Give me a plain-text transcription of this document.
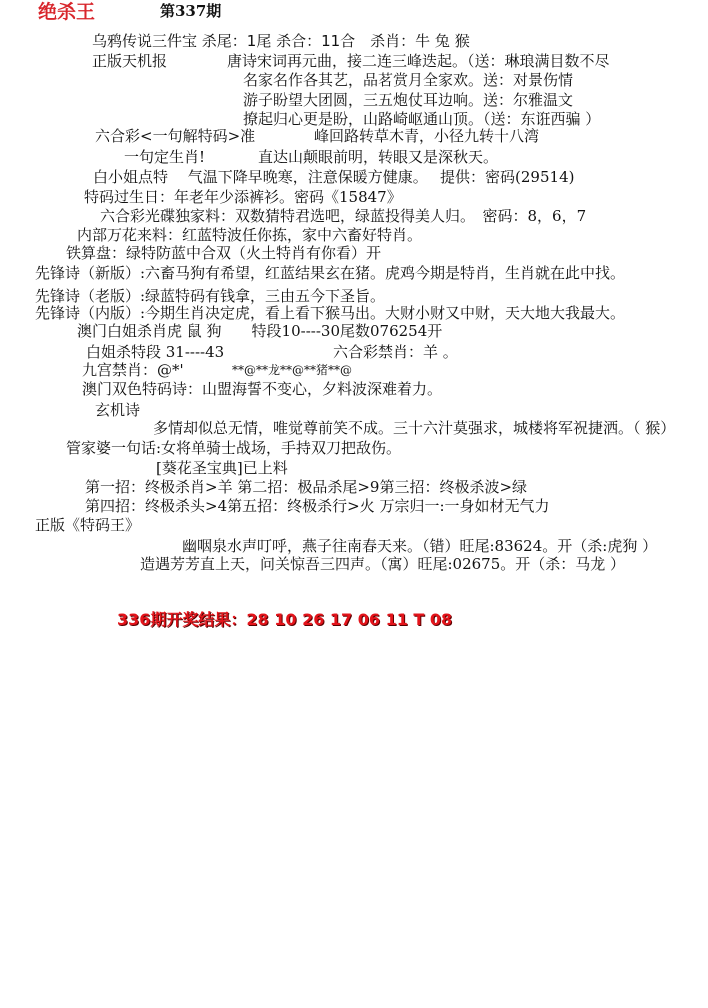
绝杀王	第337期
乌鸦传说三件宝 杀尾：1尾 杀合：11合　杀肖：牛 兔 猴
正版天机报　　　　唐诗宋词再元曲，接二连三峰迭起。（送：琳琅满目数不尽
名家名作各其艺，品茗赏月全家欢。送：对景伤情
游子盼望大团圆，三五炮仗耳边响。送：尔雅温文
撩起归心更是盼，山路崎岖通山顶。（送：东诳西骗 ）
六合彩<一句解特码>准	峰回路转草木青，小径九转十八湾
一句定生肖!	直达山颠眼前明，转眼又是深秋天。
白小姐点特　 气温下降早晚寒，注意保暖方健康。　 提供：密码(29514)
特码过生日：年老年少添裤衫。密码《15847》
六合彩光碟独家料：双数猜特君选吧，绿蓝投得美人归。　密码：8，6，7
内部万花来料：红蓝特波任你拣，家中六畜好特肖。
铁算盘：绿特防蓝中合双（火土特肖有你看）开
先锋诗（新版）:六畜马狗有希望，红蓝结果玄在猪。虎鸡今期是特肖，生肖就在此中找。
先锋诗（老版）:绿蓝特码有钱拿，三由五今下圣旨。
先锋诗（内版）:今期生肖决定虎，看上看下猴马出。大财小财又中财，天大地大我最大。
澳门白姐杀肖虎 鼠 狗　　特段10----30尾数076254开
白姐杀特段 31----43	六合彩禁肖：羊 。
九宫禁肖：@*'	**@**龙**@**猪**@
澳门双色特码诗：山盟海誓不变心，夕料波深难着力。
玄机诗
多情却似总无情，唯觉尊前笑不成。三十六汁莫强求，城楼将军祝捷洒。（ 猴）
管家婆一句话:女将单骑士战场，手持双刀把敌伤。
[葵花圣宝典]已上料
第一招：终极杀肖>羊 第二招：极品杀尾>9第三招：终极杀波>绿
第四招：终极杀头>4第五招：终极杀行>火 万宗归一:一身如材无气力
正版《特码王》
幽咽泉水声叮呼，燕子往南春天来。（错）旺尾:83624。开（杀:虎狗 ）
造遇芳芳直上天，问关惊吾三四声。（寓）旺尾:02675。开（杀：马龙 ）
336期开奖结果：28 10 26 17 06 11 T 08
